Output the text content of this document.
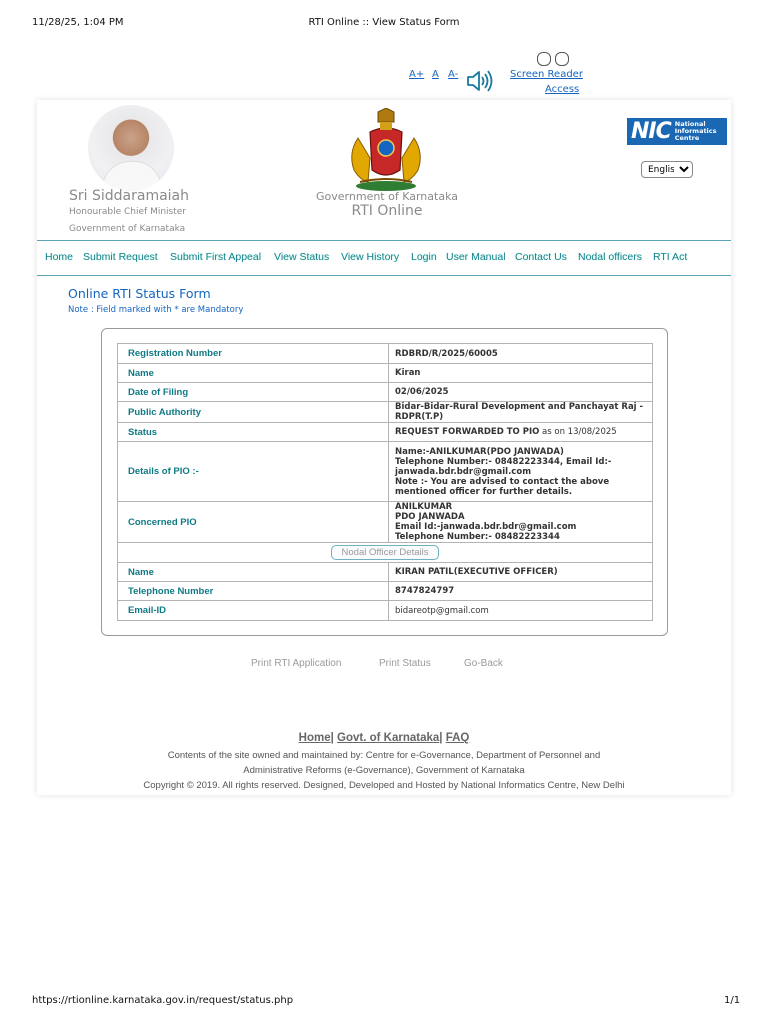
11/28/25, 1:04 PM	RTI Online :: View Status Form
https://rtionline.karnataka.gov.in/request/status.php	1/1
A+ A A-	Screen Reader
Access
Sri Siddaramaiah
Honourable Chief Minister
Government of Karnataka
Government of Karnataka
RTI Online
NIC National
Informatics
Centre
English
Home Submit Request Submit First Appeal View Status View History Login User Manual Contact Us Nodal officers RTI Act
Online RTI Status Form
Note : Field marked with * are Mandatory
Registration Number	RDBRD/R/2025/60005
Name	Kiran
Date of Filing	02/06/2025
Public Authority	Bidar-Bidar-Rural Development and Panchayat Raj - RDPR(T.P)
Status	REQUEST FORWARDED TO PIO as on 13/08/2025
Details of PIO :-	Name:-ANILKUMAR(PDO JANWADA)
Telephone Number:- 08482223344, Email Id:-
janwada.bdr.bdr@gmail.com
Note :- You are advised to contact the above
mentioned officer for further details.
Concerned PIO	ANILKUMAR
PDO JANWADA
Email Id:-janwada.bdr.bdr@gmail.com
Telephone Number:- 08482223344
Nodal Officer Details	
Name	KIRAN PATIL(EXECUTIVE OFFICER)
Telephone Number	8747824797
Email-ID	bidareotp@gmail.com
Print RTI Application	Print Status	Go-Back
Home| Govt. of Karnataka| FAQ
Contents of the site owned and maintained by: Centre for e-Governance, Department of Personnel and
Administrative Reforms (e-Governance), Government of Karnataka
Copyright © 2019. All rights reserved. Designed, Developed and Hosted by National Informatics Centre, New Delhi
